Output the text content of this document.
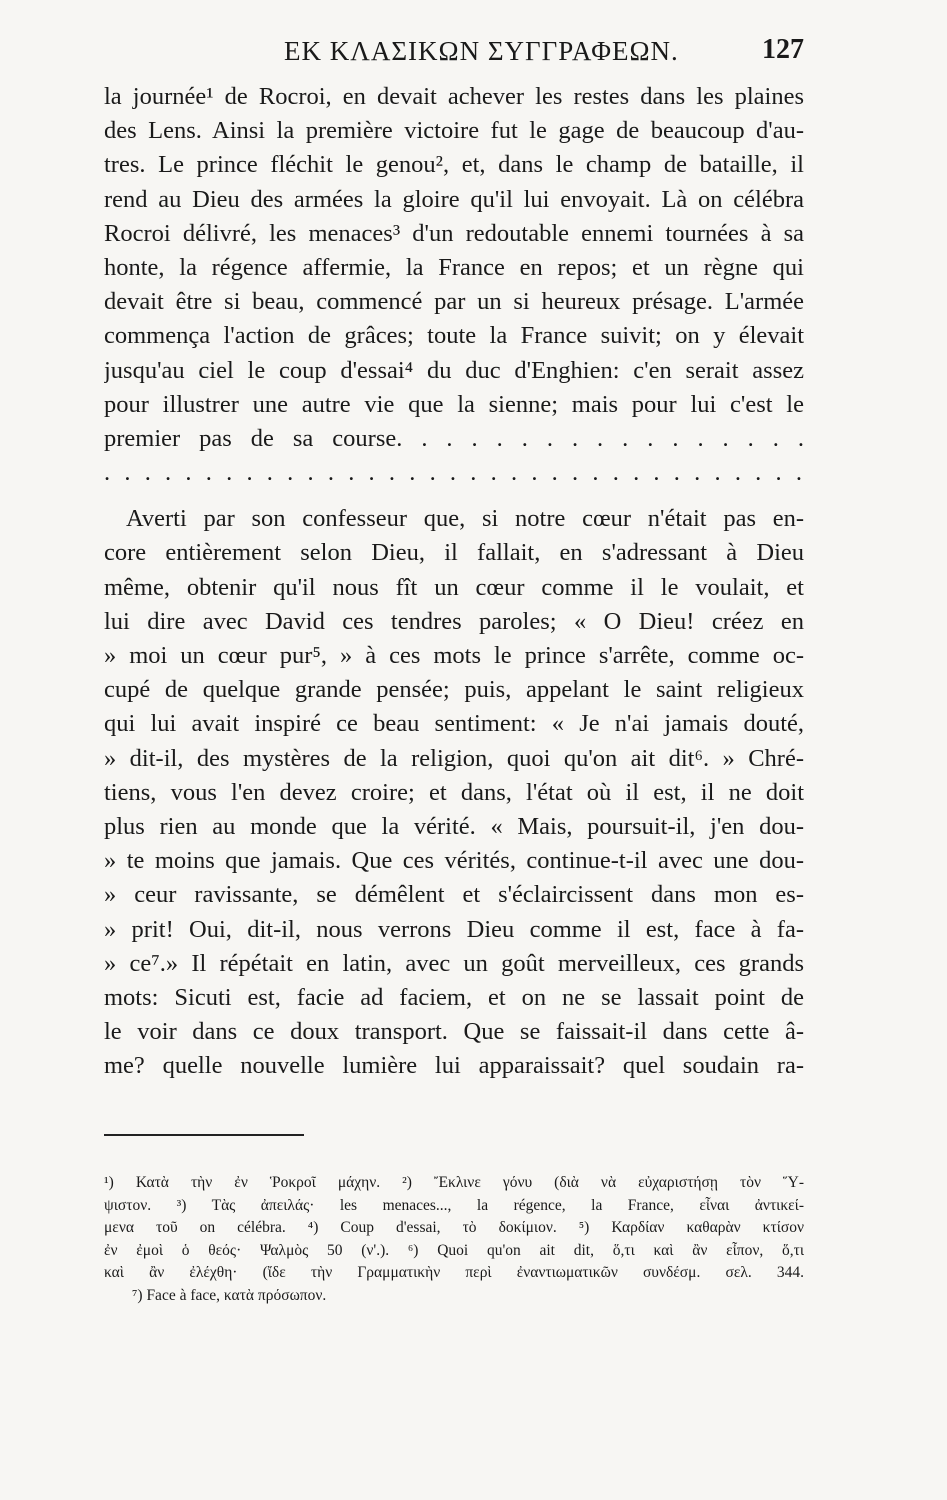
ΕΚ ΚΛΑΣΙΚΩΝ ΣΥΓΓΡΑΦΕΩΝ.	127
la journée¹ de Rocroi, en devait achever les restes dans les plaines
des Lens. Ainsi la première victoire fut le gage de beaucoup d'au-
tres. Le prince fléchit le genou², et, dans le champ de bataille, il
rend au Dieu des armées la gloire qu'il lui envoyait. Là on célébra
Rocroi délivré, les menaces³ d'un redoutable ennemi tournées à sa
honte, la régence affermie, la France en repos; et un règne qui
devait être si beau, commencé par un si heureux présage. L'armée
commença l'action de grâces; toute la France suivit; on y élevait
jusqu'au ciel le coup d'essai⁴ du duc d'Enghien: c'en serait assez
pour illustrer une autre vie que la sienne; mais pour lui c'est le
premier pas de sa course. . . . . . . . . . . . . . . . .
. . . . . . . . . . . . . . . . . . . . . . . . . . . . . . . . . . .
Averti par son confesseur que, si notre cœur n'était pas en-
core entièrement selon Dieu, il fallait, en s'adressant à Dieu
même, obtenir qu'il nous fît un cœur comme il le voulait, et
lui dire avec David ces tendres paroles; « O Dieu! créez en
» moi un cœur pur⁵, » à ces mots le prince s'arrête, comme oc-
cupé de quelque grande pensée; puis, appelant le saint religieux
qui lui avait inspiré ce beau sentiment: « Je n'ai jamais douté,
» dit-il, des mystères de la religion, quoi qu'on ait dit⁶. » Chré-
tiens, vous l'en devez croire; et dans, l'état où il est, il ne doit
plus rien au monde que la vérité. « Mais, poursuit-il, j'en dou-
» te moins que jamais. Que ces vérités, continue-t-il avec une dou-
» ceur ravissante, se démêlent et s'éclaircissent dans mon es-
» prit! Oui, dit-il, nous verrons Dieu comme il est, face à fa-
» ce⁷.» Il répétait en latin, avec un goût merveilleux, ces grands
mots: Sicuti est, facie ad faciem, et on ne se lassait point de
le voir dans ce doux transport. Que se faissait-il dans cette â-
me? quelle nouvelle lumière lui apparaissait? quel soudain ra-
¹) Κατὰ τὴν ἐν Ῥοκροῖ μάχην. ²) Ἔκλινε γόνυ (διὰ νὰ εὐχαριστήσῃ τὸν Ὕ-
ψιστον. ³) Τὰς ἀπειλάς· les menaces..., la régence, la France, εἶναι ἀντικεί-
μενα τοῦ on célébra. ⁴) Coup d'essai, τὸ δοκίμιον. ⁵) Καρδίαν καθαρὰν κτίσον
ἐν ἐμοὶ ὁ θεός· Ψαλμὸς 50 (ν'.). ⁶) Quoi qu'on ait dit, ὅ,τι καὶ ἂν εἶπον, ὅ,τι
καὶ ἂν ἐλέχθη· (ἴδε τὴν Γραμματικὴν περὶ ἐναντιωματικῶν συνδέσμ. σελ. 344.
⁷) Face à face, κατὰ πρόσωπον.
